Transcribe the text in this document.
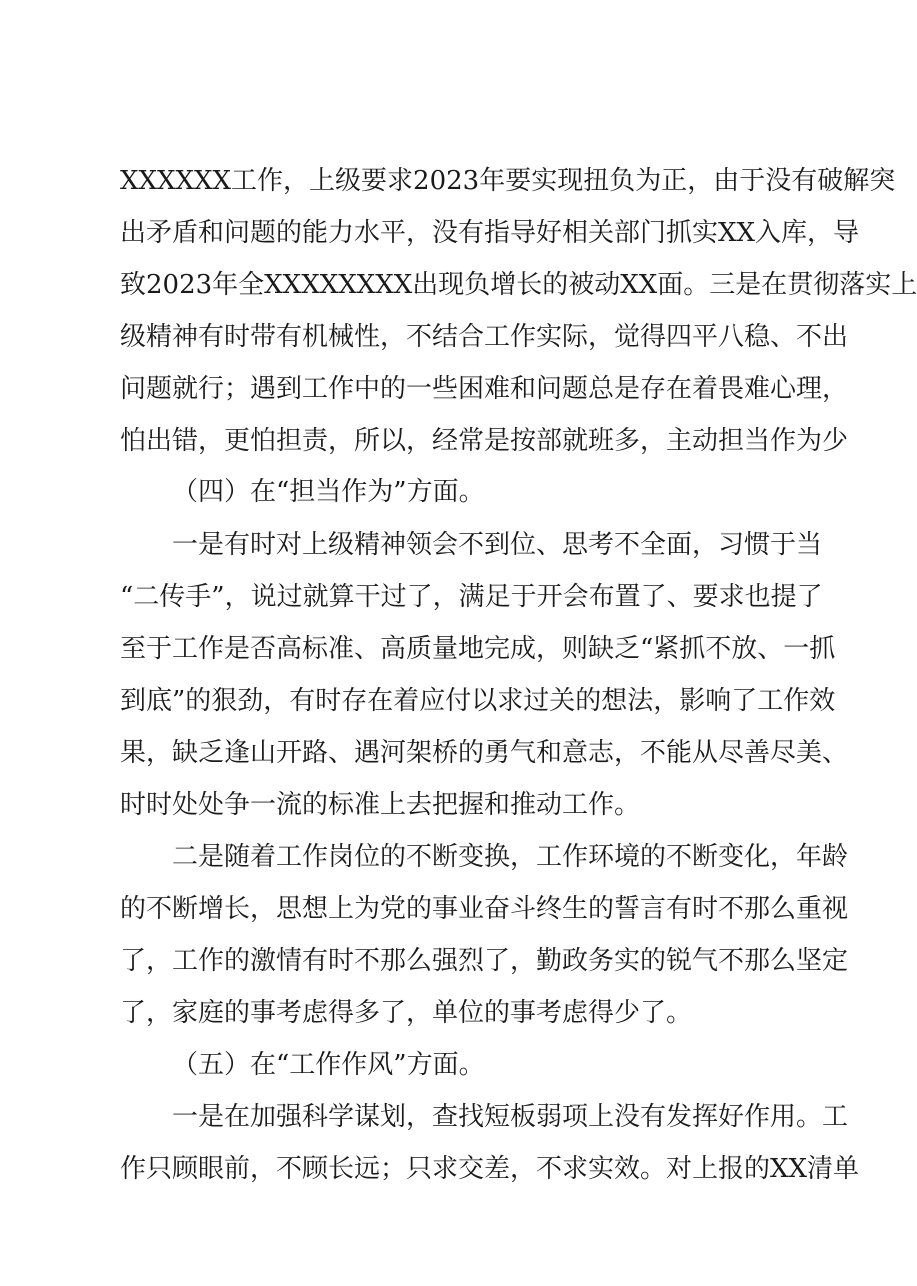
XXXXXX工作，上级要求2023年要实现扭负为正，由于没有破解突
出矛盾和问题的能力水平，没有指导好相关部门抓实XX入库，导
致2023年全XXXXXXXX出现负增长的被动XX面。三是在贯彻落实上
级精神有时带有机械性，不结合工作实际，觉得四平八稳、不出
问题就行；遇到工作中的一些困难和问题总是存在着畏难心理，
怕出错，更怕担责，所以，经常是按部就班多，主动担当作为少
（四）在“担当作为”方面。
一是有时对上级精神领会不到位、思考不全面，习惯于当
“二传手”，说过就算干过了，满足于开会布置了、要求也提了
至于工作是否高标准、高质量地完成，则缺乏“紧抓不放、一抓
到底”的狠劲，有时存在着应付以求过关的想法，影响了工作效
果，缺乏逢山开路、遇河架桥的勇气和意志，不能从尽善尽美、
时时处处争一流的标准上去把握和推动工作。
二是随着工作岗位的不断变换，工作环境的不断变化，年龄
的不断增长，思想上为党的事业奋斗终生的誓言有时不那么重视
了，工作的激情有时不那么强烈了，勤政务实的锐气不那么坚定
了，家庭的事考虑得多了，单位的事考虑得少了。
（五）在“工作作风”方面。
一是在加强科学谋划，查找短板弱项上没有发挥好作用。工
作只顾眼前，不顾长远；只求交差，不求实效。对上报的XX清单
